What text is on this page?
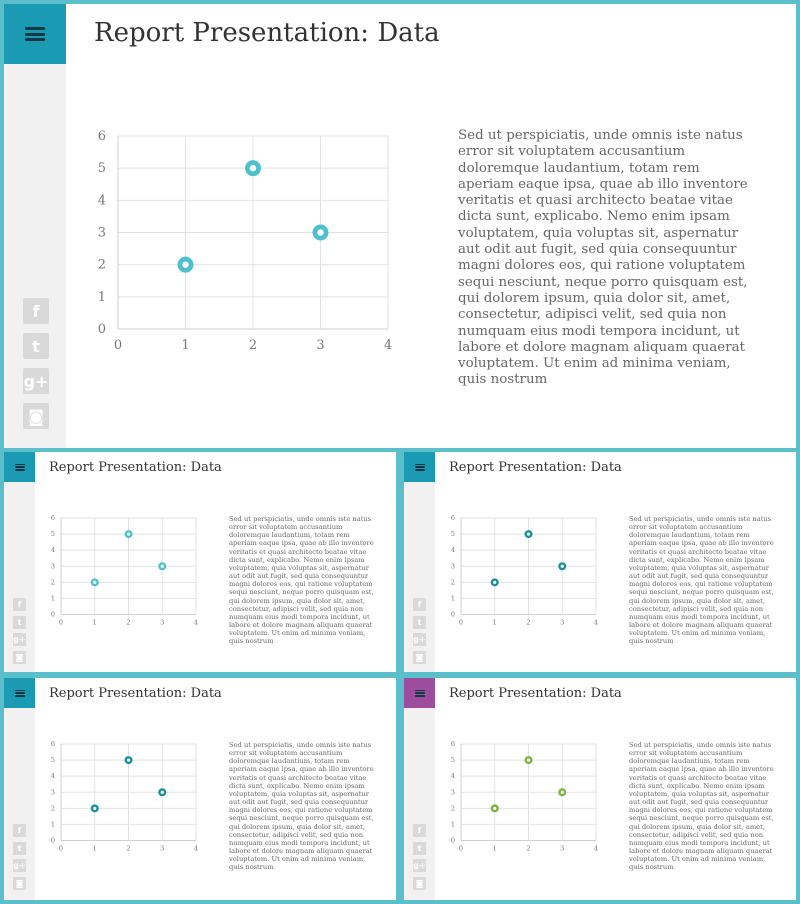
Report Presentation: Data
0
1
2
3
4
5
6
0	1	2	3	4
Sed ut perspiciatis, unde omnis iste natus error sit voluptatem accusantium doloremque laudantium, totam rem aperiam eaque ipsa, quae ab illo inventore veritatis et quasi architecto beatae vitae dicta sunt, explicabo. Nemo enim ipsam voluptatem, quia voluptas sit, aspernatur aut odit aut fugit, sed quia consequuntur magni dolores eos, qui ratione voluptatem sequi nesciunt, neque porro quisquam est, qui dolorem ipsum, quia dolor sit, amet, consectetur, adipisci velit, sed quia non numquam eius modi tempora incidunt, ut labore et dolore magnam aliquam quaerat voluptatem. Ut enim ad minima veniam, quis nostrum
f
t
g+
◙
Report Presentation: Data
0
1
2
3
4
5
6
0	1	2	3	4
Sed ut perspiciatis, unde omnis iste natus error sit voluptatem accusantium doloremque laudantium, totam rem aperiam eaque ipsa, quae ab illo inventore veritatis et quasi architecto beatae vitae dicta sunt, explicabo. Nemo enim ipsam voluptatem, quia voluptas sit, aspernatur aut odit aut fugit, sed quia consequuntur magni dolores eos, qui ratione voluptatem sequi nesciunt, neque porro quisquam est, qui dolorem ipsum, quia dolor sit, amet, consectetur, adipisci velit, sed quia non numquam eius modi tempora incidunt, ut labore et dolore magnam aliquam quaerat voluptatem. Ut enim ad minima veniam, quis nostrum
f
t
g+
◙
Report Presentation: Data
0
1
2
3
4
5
6
0	1	2	3	4
Sed ut perspiciatis, unde omnis iste natus error sit voluptatem accusantium doloremque laudantium, totam rem aperiam eaque ipsa, quae ab illo inventore veritatis et quasi architecto beatae vitae dicta sunt, explicabo. Nemo enim ipsam voluptatem, quia voluptas sit, aspernatur aut odit aut fugit, sed quia consequuntur magni dolores eos, qui ratione voluptatem sequi nesciunt, neque porro quisquam est, qui dolorem ipsum, quia dolor sit, amet, consectetur, adipisci velit, sed quia non numquam eius modi tempora incidunt, ut labore et dolore magnam aliquam quaerat voluptatem. Ut enim ad minima veniam, quis nostrum
f
t
g+
◙
Report Presentation: Data
0
1
2
3
4
5
6
0	1	2	3	4
Sed ut perspiciatis, unde omnis iste natus error sit voluptatem accusantium doloremque laudantium, totam rem aperiam eaque ipsa, quae ab illo inventore veritatis et quasi architecto beatae vitae dicta sunt, explicabo. Nemo enim ipsam voluptatem, quia voluptas sit, aspernatur aut odit aut fugit, sed quia consequuntur magni dolores eos, qui ratione voluptatem sequi nesciunt, neque porro quisquam est, qui dolorem ipsum, quia dolor sit, amet, consectetur, adipisci velit, sed quia non numquam eius modi tempora incidunt, ut labore et dolore magnam aliquam quaerat voluptatem. Ut enim ad minima veniam, quis nostrum
f
t
g+
◙
Report Presentation: Data
0
1
2
3
4
5
6
0	1	2	3	4
Sed ut perspiciatis, unde omnis iste natus error sit voluptatem accusantium doloremque laudantium, totam rem aperiam eaque ipsa, quae ab illo inventore veritatis et quasi architecto beatae vitae dicta sunt, explicabo. Nemo enim ipsam voluptatem, quia voluptas sit, aspernatur aut odit aut fugit, sed quia consequuntur magni dolores eos, qui ratione voluptatem sequi nesciunt, neque porro quisquam est, qui dolorem ipsum, quia dolor sit, amet, consectetur, adipisci velit, sed quia non numquam eius modi tempora incidunt, ut labore et dolore magnam aliquam quaerat voluptatem. Ut enim ad minima veniam, quis nostrum
f
t
g+
◙
